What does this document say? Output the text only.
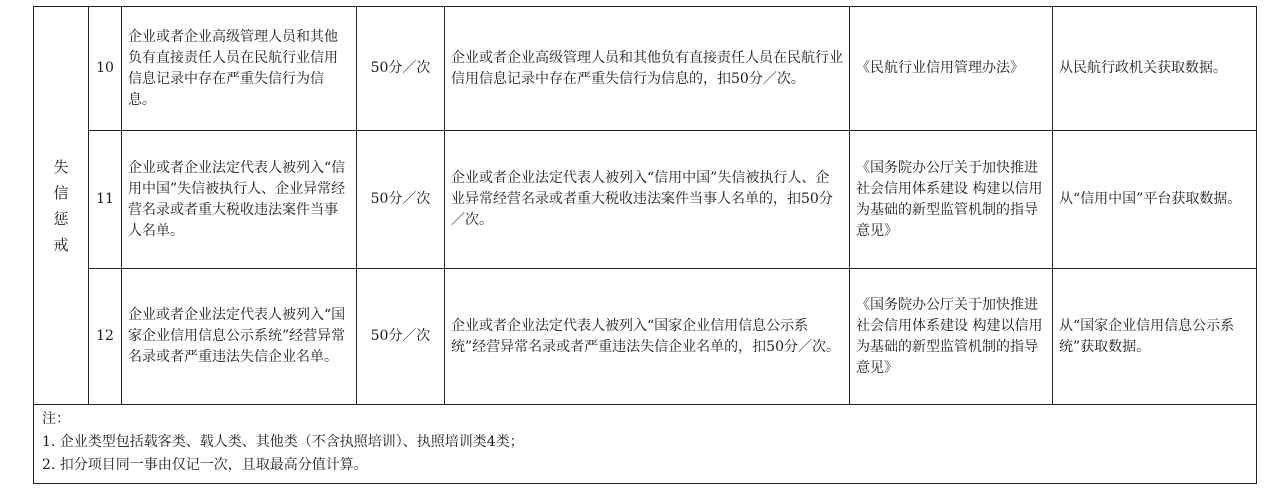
失信惩戒	10	企业或者企业高级管理人员和其他负有直接责任人员在民航行业信用信息记录中存在严重失信行为信息。	50分／次	企业或者企业高级管理人员和其他负有直接责任人员在民航行业信用信息记录中存在严重失信行为信息的，扣50分／次。	《民航行业信用管理办法》	从民航行政机关获取数据。
	11	企业或者企业法定代表人被列入“信用中国”失信被执行人、企业异常经营名录或者重大税收违法案件当事人名单。	50分／次	企业或者企业法定代表人被列入“信用中国”失信被执行人、企业异常经营名录或者重大税收违法案件当事人名单的，扣50分／次。	《国务院办公厅关于加快推进社会信用体系建设 构建以信用为基础的新型监管机制的指导意见》	从“信用中国”平台获取数据。
	12	企业或者企业法定代表人被列入“国家企业信用信息公示系统”经营异常名录或者严重违法失信企业名单。	50分／次	企业或者企业法定代表人被列入“国家企业信用信息公示系统”经营异常名录或者严重违法失信企业名单的，扣50分／次。	《国务院办公厅关于加快推进社会信用体系建设 构建以信用为基础的新型监管机制的指导意见》	从“国家企业信用信息公示系统”获取数据。

注：
1. 企业类型包括载客类、载人类、其他类（不含执照培训）、执照培训类4类；
2. 扣分项目同一事由仅记一次，且取最高分值计算。						
